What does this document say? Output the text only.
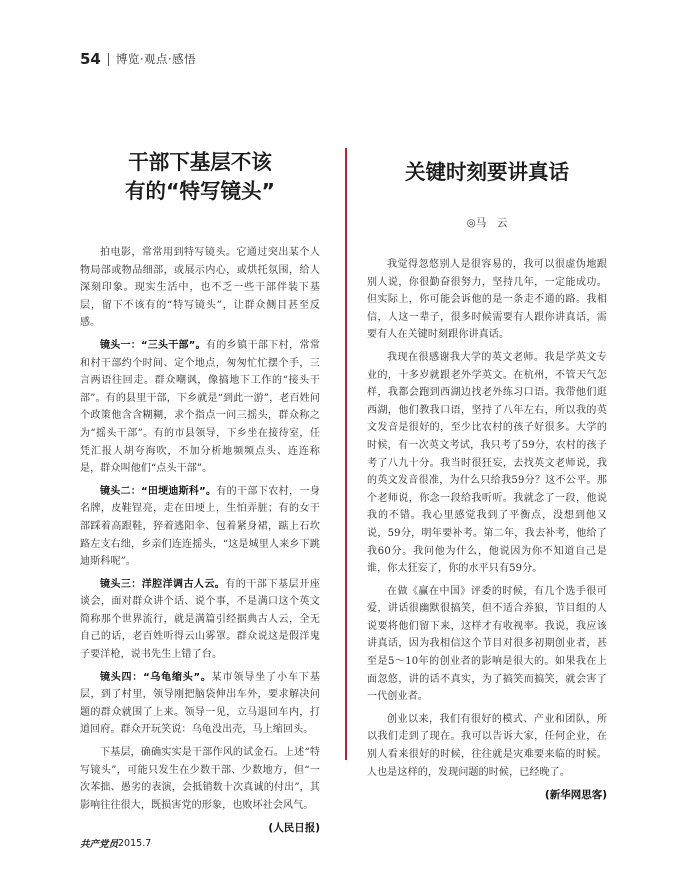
54 博览·观点·感悟
干部下基层不该
有的“特写镜头”

拍电影，常常用到特写镜头。它通过突出某个人物局部或物品细部，或展示内心，或烘托氛围，给人深刻印象。现实生活中，也不乏一些干部伴装下基层，留下不该有的“特写镜头”，让群众侧目甚至反感。

镜头一：“三头干部”。有的乡镇干部下村，常常和村干部约个时间、定个地点，匆匆忙忙摆个手，三言两语往回走。群众嘲讽，像搞地下工作的“接头干部”。有的县里干部，下乡就是“到此一游”，老百姓问个政策他含含糊糊，求个指点一问三摇头，群众称之为“摇头干部”。有的市县领导，下乡坐在接待室，任凭汇报人胡夸海吹，不加分析地频频点头、连连称是，群众叫他们“点头干部”。

镜头二：“田埂迪斯科”。有的干部下农村，一身名牌，皮鞋锃亮，走在田埂上，生怕弄脏；有的女干部踩着高跟鞋，猝着逃阳伞、包着紧身裙，踮上石坎路左支右绌，乡亲们连连摇头，“这是城里人来乡下跳迪斯科呢”。

镜头三：洋腔洋调古人云。有的干部下基层开座谈会，面对群众讲个话、说个事，不是满口这个英文简称那个世界流行，就是满篇引经据典古人云，全无自己的话，老百姓听得云山雾罩。群众说这是假洋鬼子要洋枪，说书先生上错了台。

镜头四：“乌龟缩头”。某市领导坐了小车下基层，到了村里，领导刚把脑袋伸出车外，要求解决问题的群众就围了上来。领导一见，立马退回车内，打道回府。群众开玩笑说：乌龟没出壳，马上缩回头。

下基层，确确实实是干部作风的试金石。上述“特写镜头”，可能只发生在少数干部、少数地方，但“一次苯拙、愚劣的表演，会抵销数十次真诚的付出”，其影响往往很大，既损害党的形象，也败坏社会风气。

(人民日报)
关键时刻要讲真话
◎马　云

我觉得忽悠别人是很容易的，我可以很虚伪地跟别人说，你很勤奋很努力，坚持几年，一定能成功。但实际上，你可能会诉他的是一条走不通的路。我相信，人这一辈子，很多时候需要有人跟你讲真话，需要有人在关键时刻跟你讲真话。

我现在很感谢我大学的英文老师。我是学英文专业的，十多岁就跟老外学英文。在杭州，不管天气怎样，我都会跑到西湖边找老外练习口语。我带他们逛西湖，他们教我口语，坚持了八年左右，所以我的英文发音是很好的，至少比农村的孩子好很多。大学的时候，有一次英文考试，我只考了59分，农村的孩子考了八九十分。我当时很狂妄，去找英文老师说，我的英文发音很准，为什么只给我59分？这不公平。那个老师说，你念一段给我听听。我就念了一段，他说我的不错。我心里感觉我到了平衡点，没想到他又说，59分，明年要补考。第二年，我去补考，他给了我60分。我问他为什么，他说因为你不知道自己是谁，你太狂妄了，你的水平只有59分。

在做《赢在中国》评委的时候，有几个选手很可爱，讲话很幽默很搞笑，但不适合养狼，节目组的人说要将他们留下来，这样才有收视率。我说，我应该讲真话，因为我相信这个节目对很多初期创业者，甚至是5～10年的创业者的影响是很大的。如果我在上面忽悠，讲的话不真实，为了搞笑而搞笑，就会害了一代创业者。

创业以来，我们有很好的模式、产业和团队，所以我们走到了现在。我可以告诉大家，任何企业，在别人看来很好的时候，往往就是灾难要来临的时候。人也是这样的，发现问题的时候，已经晚了。

(新华网思客)
共产党员 2015.7
